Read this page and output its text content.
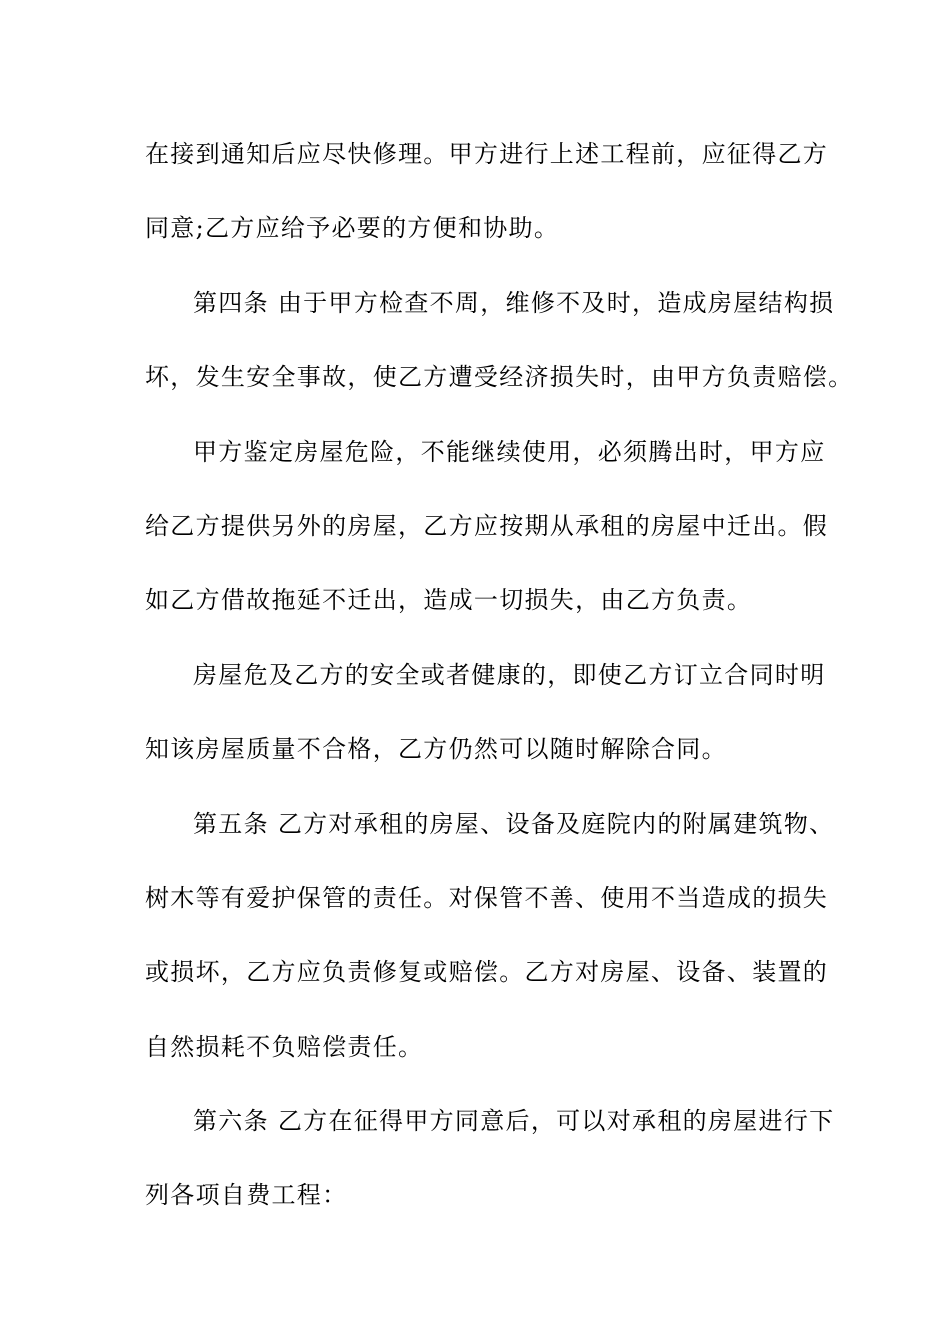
在接到通知后应尽快修理。甲方进行上述工程前，应征得乙方
同意;乙方应给予必要的方便和协助。
第四条 由于甲方检查不周，维修不及时，造成房屋结构损
坏，发生安全事故，使乙方遭受经济损失时，由甲方负责赔偿。
甲方鉴定房屋危险，不能继续使用，必须腾出时，甲方应
给乙方提供另外的房屋，乙方应按期从承租的房屋中迁出。假
如乙方借故拖延不迁出，造成一切损失，由乙方负责。
房屋危及乙方的安全或者健康的，即使乙方订立合同时明
知该房屋质量不合格，乙方仍然可以随时解除合同。
第五条 乙方对承租的房屋、设备及庭院内的附属建筑物、
树木等有爱护保管的责任。对保管不善、使用不当造成的损失
或损坏，乙方应负责修复或赔偿。乙方对房屋、设备、装置的
自然损耗不负赔偿责任。
第六条 乙方在征得甲方同意后，可以对承租的房屋进行下
列各项自费工程：
